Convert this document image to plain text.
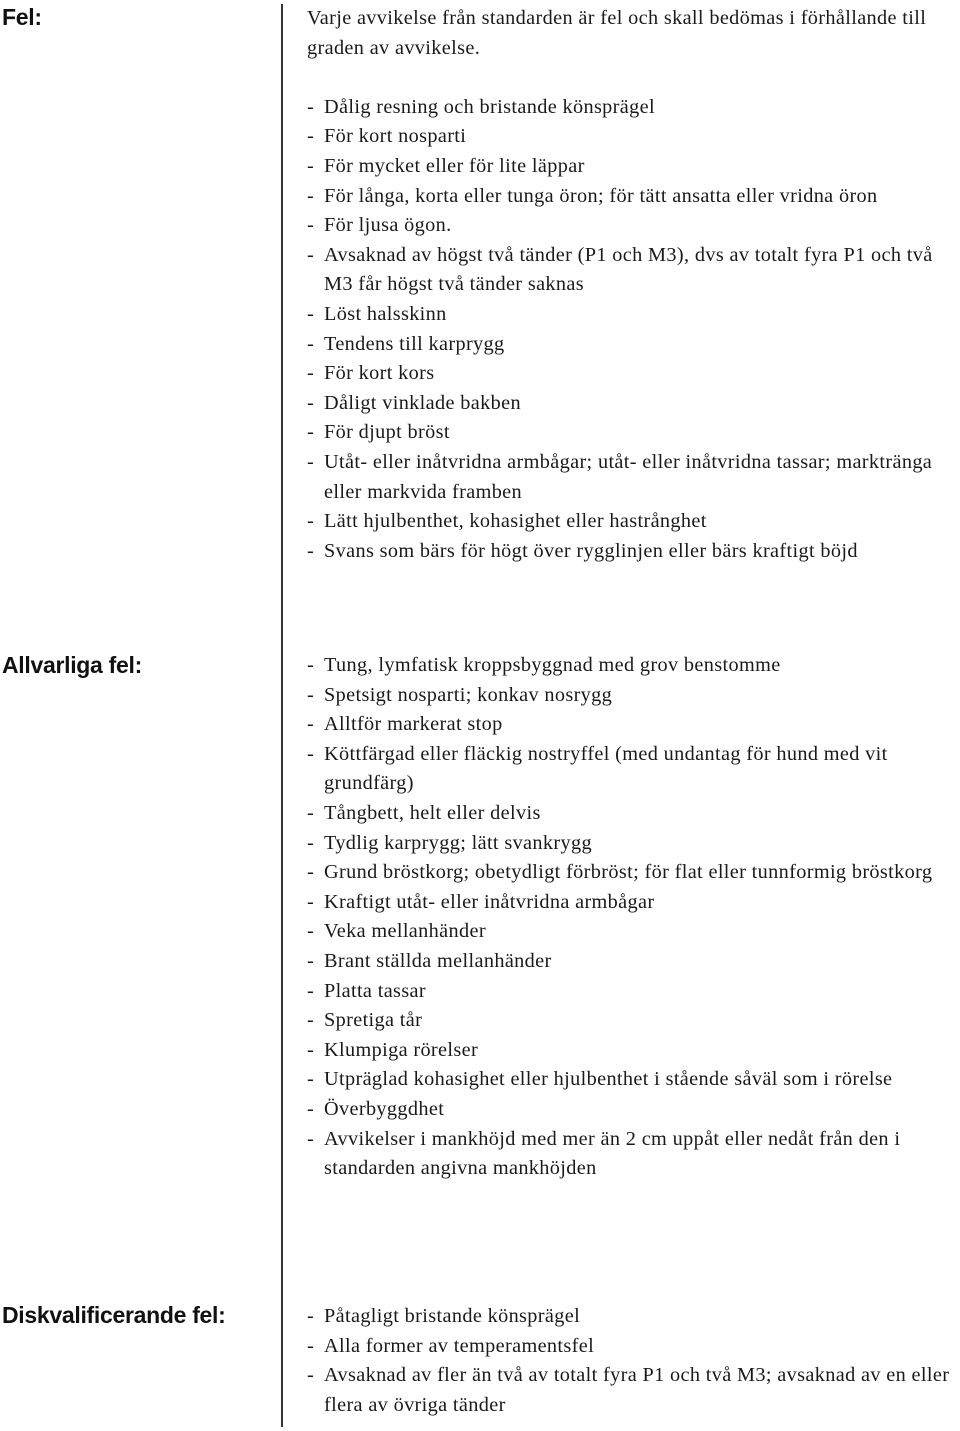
Fel:	Varje avvikelse från standarden är fel och skall bedömas i förhållande till graden av avvikelse.

- Dålig resning och bristande könsprägel
- För kort nosparti
- För mycket eller för lite läppar
- För långa, korta eller tunga öron; för tätt ansatta eller vridna öron
- För ljusa ögon.
- Avsaknad av högst två tänder (P1 och M3), dvs av totalt fyra P1 och två M3 får högst två tänder saknas
- Löst halsskinn
- Tendens till karprygg
- För kort kors
- Dåligt vinklade bakben
- För djupt bröst
- Utåt- eller inåtvridna armbågar; utåt- eller inåtvridna tassar; markträngа eller markvida framben
- Lätt hjulbenthet, kohasighet eller hastrånghet
- Svans som bärs för högt över rygglinjen eller bärs kraftigt böjd
Allvarliga fel:	- Tung, lymfatisk kroppsbyggnad med grov benstomme
- Spetsigt nosparti; konkav nosrygg
- Alltför markerat stop
- Köttfärgad eller fläckig nostryffel (med undantag för hund med vit grundfärg)
- Tångbett, helt eller delvis
- Tydlig karprygg; lätt svankrygg
- Grund bröstkorg; obetydligt förbröst; för flat eller tunnformig bröstkorg
- Kraftigt utåt- eller inåtvridna armbågar
- Veka mellanhänder
- Brant ställda mellanhänder
- Platta tassar
- Spretiga tår
- Klumpiga rörelser
- Utpräglad kohasighet eller hjulbenthet i stående såväl som i rörelse
- Överbyggdhet
- Avvikelser i mankhöjd med mer än 2 cm uppåt eller nedåt från den i standarden angivna mankhöjden
Diskvalificerande fel:	- Påtagligt bristande könsprägel
- Alla former av temperamentsfel
- Avsaknad av fler än två av totalt fyra P1 och två M3; avsaknad av en eller flera av övriga tänder
